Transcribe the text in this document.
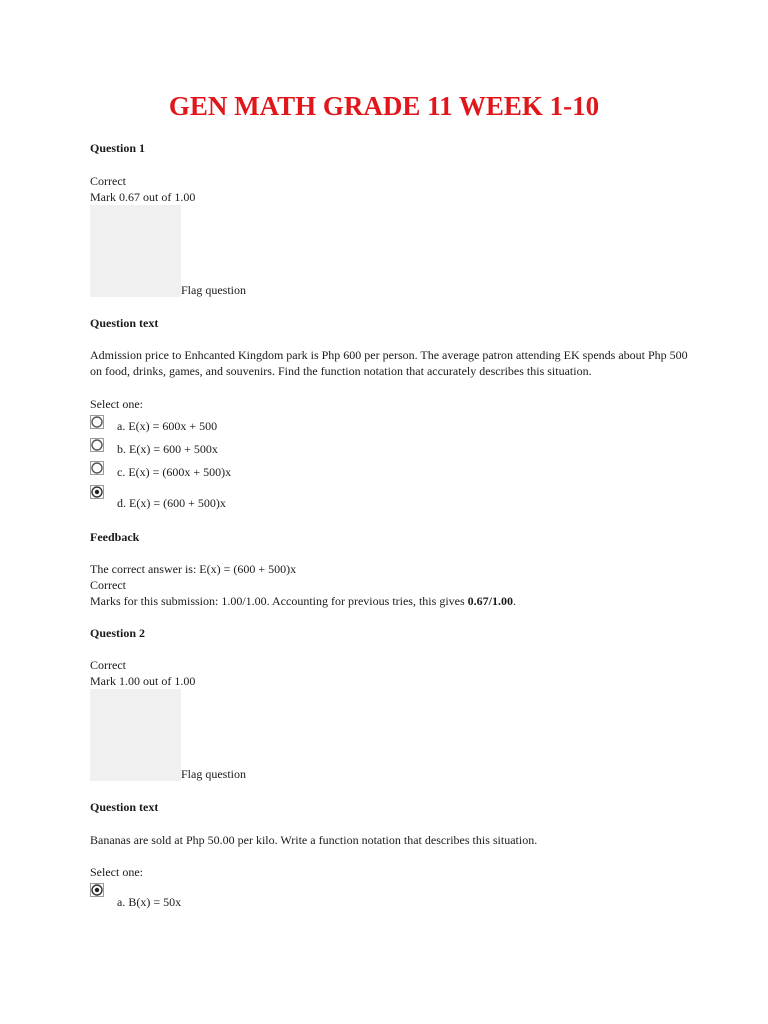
GEN MATH GRADE 11 WEEK 1-10
Question 1
Correct
Mark 0.67 out of 1.00
Flag question
Question text
Admission price to Enhcanted Kingdom park is Php 600 per person. The average patron attending EK spends about Php 500 on food, drinks, games, and souvenirs. Find the function notation that accurately describes this situation.
Select one:
a. E(x) = 600x + 500
b. E(x) = 600 + 500x
c. E(x) = (600x + 500)x
d. E(x) = (600 + 500)x
Feedback
The correct answer is: E(x) = (600 + 500)x
Correct
Marks for this submission: 1.00/1.00. Accounting for previous tries, this gives 0.67/1.00.
Question 2
Correct
Mark 1.00 out of 1.00
Flag question
Question text
Bananas are sold at Php 50.00 per kilo. Write a function notation that describes this situation.
Select one:
a. B(x) = 50x
